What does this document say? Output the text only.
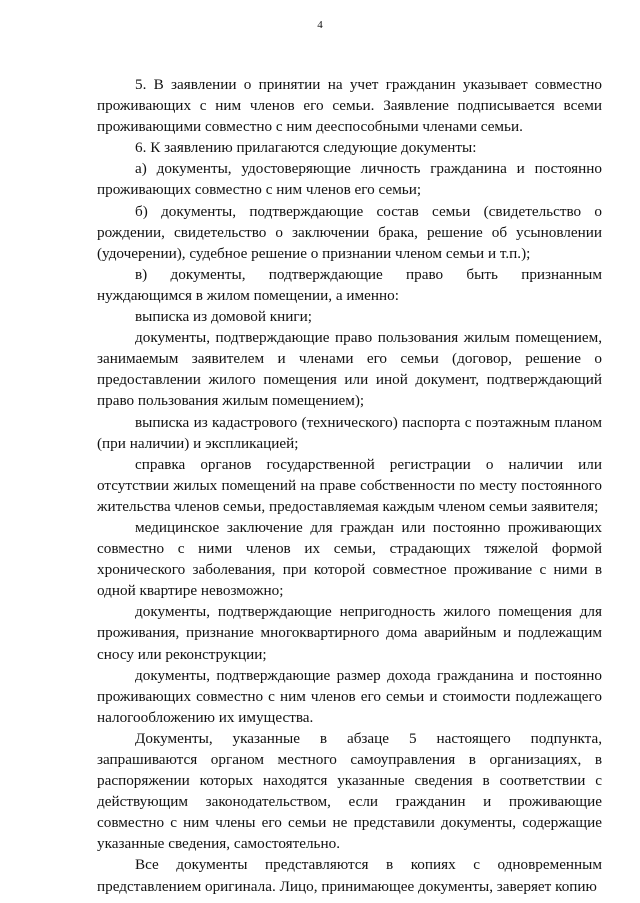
4

5. В заявлении о принятии на учет гражданин указывает совместно проживающих с ним членов его семьи. Заявление подписывается всеми проживающими совместно с ним дееспособными членами семьи.

6. К заявлению прилагаются следующие документы:

а) документы, удостоверяющие личность гражданина и постоянно проживающих совместно с ним членов его семьи;

б) документы, подтверждающие состав семьи (свидетельство о рождении, свидетельство о заключении брака, решение об усыновлении (удочерении), судебное решение о признании членом семьи и т.п.);

в) документы, подтверждающие право быть признанным нуждающимся в жилом помещении, а именно:

выписка из домовой книги;

документы, подтверждающие право пользования жилым помещением, занимаемым заявителем и членами его семьи (договор, решение о предоставлении жилого помещения или иной документ, подтверждающий право пользования жилым помещением);

выписка из кадастрового (технического) паспорта с поэтажным планом (при наличии) и экспликацией;

справка органов государственной регистрации о наличии или отсутствии жилых помещений на праве собственности по месту постоянного жительства членов семьи, предоставляемая каждым членом семьи заявителя;

медицинское заключение для граждан или постоянно проживающих совместно с ними членов их семьи, страдающих тяжелой формой хронического заболевания, при которой совместное проживание с ними в одной квартире невозможно;

документы, подтверждающие непригодность жилого помещения для проживания, признание многоквартирного дома аварийным и подлежащим сносу или реконструкции;

документы, подтверждающие размер дохода гражданина и постоянно проживающих совместно с ним членов его семьи и стоимости подлежащего налогообложению их имущества.

Документы, указанные в абзаце 5 настоящего подпункта, запрашиваются органом местного самоуправления в организациях, в распоряжении которых находятся указанные сведения в соответствии с действующим законодательством, если гражданин и проживающие совместно с ним члены его семьи не представили документы, содержащие указанные сведения, самостоятельно.

Все документы представляются в копиях с одновременным представлением оригинала. Лицо, принимающее документы, заверяет копию
